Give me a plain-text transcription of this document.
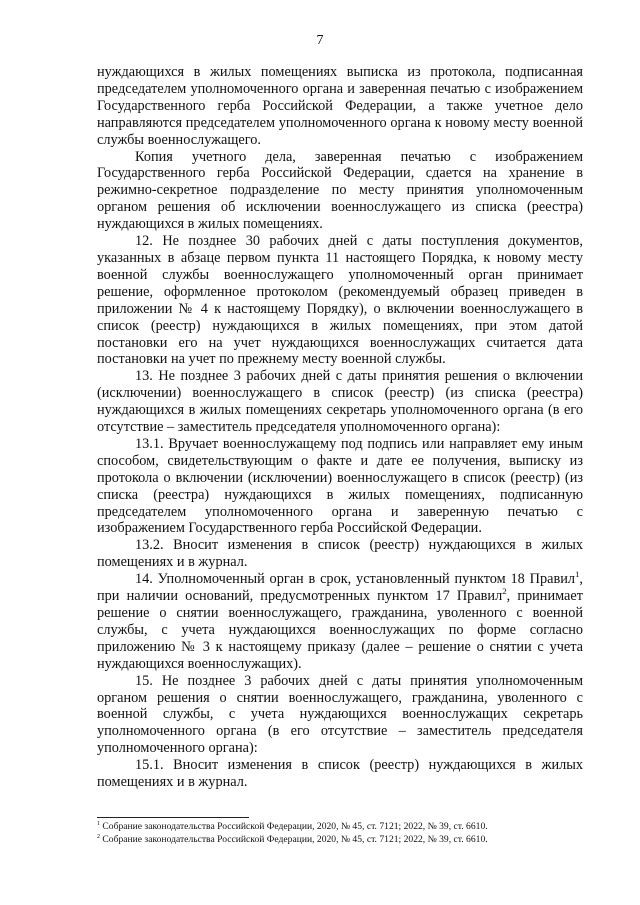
7

нуждающихся в жилых помещениях выписка из протокола, подписанная председателем уполномоченного органа и заверенная печатью с изображением Государственного герба Российской Федерации, а также учетное дело направляются председателем уполномоченного органа к новому месту военной службы военнослужащего.

Копия учетного дела, заверенная печатью с изображением Государственного герба Российской Федерации, сдается на хранение в режимно-секретное подразделение по месту принятия уполномоченным органом решения об исключении военнослужащего из списка (реестра) нуждающихся в жилых помещениях.

12. Не позднее 30 рабочих дней с даты поступления документов, указанных в абзаце первом пункта 11 настоящего Порядка, к новому месту военной службы военнослужащего уполномоченный орган принимает решение, оформленное протоколом (рекомендуемый образец приведен в приложении № 4 к настоящему Порядку), о включении военнослужащего в список (реестр) нуждающихся в жилых помещениях, при этом датой постановки его на учет нуждающихся военнослужащих считается дата постановки на учет по прежнему месту военной службы.

13. Не позднее 3 рабочих дней с даты принятия решения о включении (исключении) военнослужащего в список (реестр) (из списка (реестра) нуждающихся в жилых помещениях секретарь уполномоченного органа (в его отсутствие – заместитель председателя уполномоченного органа):

13.1. Вручает военнослужащему под подпись или направляет ему иным способом, свидетельствующим о факте и дате ее получения, выписку из протокола о включении (исключении) военнослужащего в список (реестр) (из списка (реестра) нуждающихся в жилых помещениях, подписанную председателем уполномоченного органа и заверенную печатью с изображением Государственного герба Российской Федерации.

13.2. Вносит изменения в список (реестр) нуждающихся в жилых помещениях и в журнал.

14. Уполномоченный орган в срок, установленный пунктом 18 Правил$^1$, при наличии оснований, предусмотренных пунктом 17 Правил$^2$, принимает решение о снятии военнослужащего, гражданина, уволенного с военной службы, с учета нуждающихся военнослужащих по форме согласно приложению № 3 к настоящему приказу (далее – решение о снятии с учета нуждающихся военнослужащих).

15. Не позднее 3 рабочих дней с даты принятия уполномоченным органом решения о снятии военнослужащего, гражданина, уволенного с военной службы, с учета нуждающихся военнослужащих секретарь уполномоченного органа (в его отсутствие – заместитель председателя уполномоченного органа):

15.1. Вносит изменения в список (реестр) нуждающихся в жилых помещениях и в журнал.

$^1$ Собрание законодательства Российской Федерации, 2020, № 45, ст. 7121; 2022, № 39, ст. 6610.

$^2$ Собрание законодательства Российской Федерации, 2020, № 45, ст. 7121; 2022, № 39, ст. 6610.
